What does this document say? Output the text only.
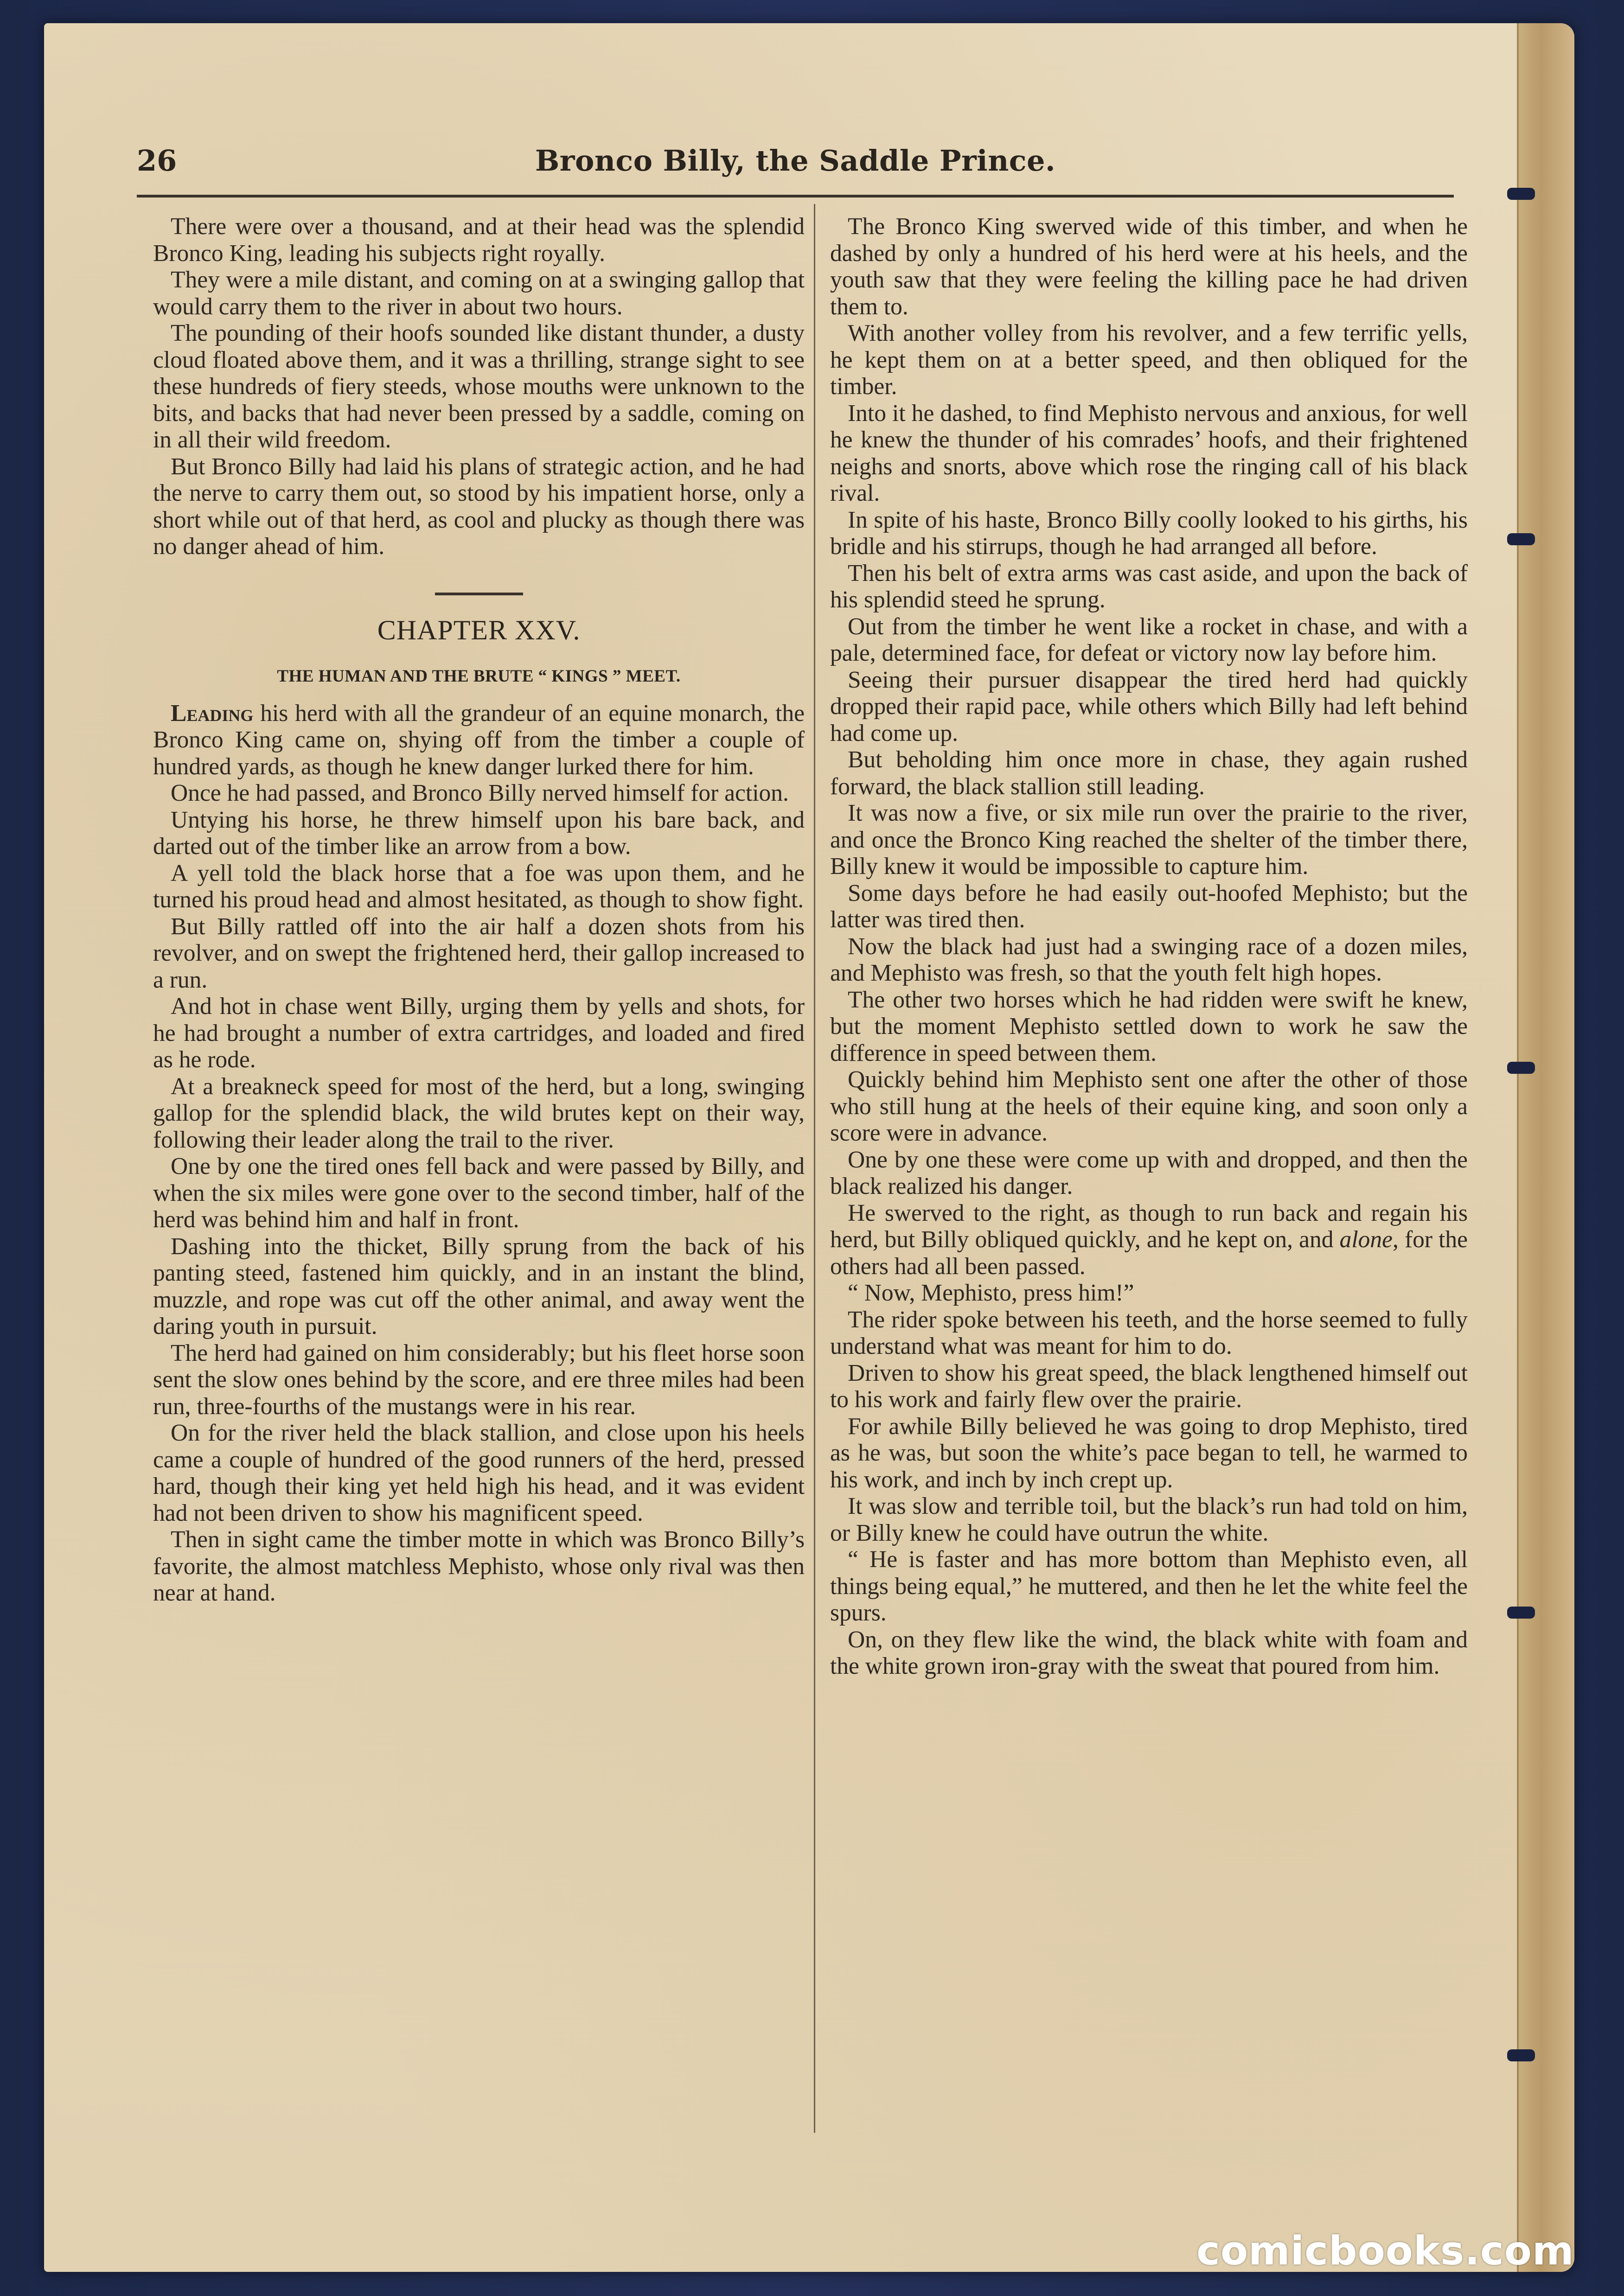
26	Bronco Billy, the Saddle Prince.

There were over a thousand, and at their head was the splendid Bronco King, leading his subjects right royally.

They were a mile distant, and coming on at a swinging gallop that would carry them to the river in about two hours.

The pounding of their hoofs sounded like distant thunder, a dusty cloud floated above them, and it was a thrilling, strange sight to see these hundreds of fiery steeds, whose mouths were unknown to the bits, and backs that had never been pressed by a saddle, coming on in all their wild freedom.

But Bronco Billy had laid his plans of strategic action, and he had the nerve to carry them out, so stood by his impatient horse, only a short while out of that herd, as cool and plucky as though there was no danger ahead of him.

CHAPTER XXV.
THE HUMAN AND THE BRUTE “ KINGS ” MEET.

Leading his herd with all the grandeur of an equine monarch, the Bronco King came on, shying off from the timber a couple of hundred yards, as though he knew danger lurked there for him.

Once he had passed, and Bronco Billy nerved himself for action.

Untying his horse, he threw himself upon his bare back, and darted out of the timber like an arrow from a bow.

A yell told the black horse that a foe was upon them, and he turned his proud head and almost hesitated, as though to show fight.

But Billy rattled off into the air half a dozen shots from his revolver, and on swept the frightened herd, their gallop increased to a run.

And hot in chase went Billy, urging them by yells and shots, for he had brought a number of extra cartridges, and loaded and fired as he rode.

At a breakneck speed for most of the herd, but a long, swinging gallop for the splendid black, the wild brutes kept on their way, following their leader along the trail to the river.

One by one the tired ones fell back and were passed by Billy, and when the six miles were gone over to the second timber, half of the herd was behind him and half in front.

Dashing into the thicket, Billy sprung from the back of his panting steed, fastened him quickly, and in an instant the blind, muzzle, and rope was cut off the other animal, and away went the daring youth in pursuit.

The herd had gained on him considerably; but his fleet horse soon sent the slow ones behind by the score, and ere three miles had been run, three-fourths of the mustangs were in his rear.

On for the river held the black stallion, and close upon his heels came a couple of hundred of the good runners of the herd, pressed hard, though their king yet held high his head, and it was evident had not been driven to show his magnificent speed.

Then in sight came the timber motte in which was Bronco Billy’s favorite, the almost matchless Mephisto, whose only rival was then near at hand.

The Bronco King swerved wide of this timber, and when he dashed by only a hundred of his herd were at his heels, and the youth saw that they were feeling the killing pace he had driven them to.

With another volley from his revolver, and a few terrific yells, he kept them on at a better speed, and then obliqued for the timber.

Into it he dashed, to find Mephisto nervous and anxious, for well he knew the thunder of his comrades’ hoofs, and their frightened neighs and snorts, above which rose the ringing call of his black rival.

In spite of his haste, Bronco Billy coolly looked to his girths, his bridle and his stirrups, though he had arranged all before.

Then his belt of extra arms was cast aside, and upon the back of his splendid steed he sprung.

Out from the timber he went like a rocket in chase, and with a pale, determined face, for defeat or victory now lay before him.

Seeing their pursuer disappear the tired herd had quickly dropped their rapid pace, while others which Billy had left behind had come up.

But beholding him once more in chase, they again rushed forward, the black stallion still leading.

It was now a five, or six mile run over the prairie to the river, and once the Bronco King reached the shelter of the timber there, Billy knew it would be impossible to capture him.

Some days before he had easily out-hoofed Mephisto; but the latter was tired then.

Now the black had just had a swinging race of a dozen miles, and Mephisto was fresh, so that the youth felt high hopes.

The other two horses which he had ridden were swift he knew, but the moment Mephisto settled down to work he saw the difference in speed between them.

Quickly behind him Mephisto sent one after the other of those who still hung at the heels of their equine king, and soon only a score were in advance.

One by one these were come up with and dropped, and then the black realized his danger.

He swerved to the right, as though to run back and regain his herd, but Billy obliqued quickly, and he kept on, and alone, for the others had all been passed.

“ Now, Mephisto, press him!”

The rider spoke between his teeth, and the horse seemed to fully understand what was meant for him to do.

Driven to show his great speed, the black lengthened himself out to his work and fairly flew over the prairie.

For awhile Billy believed he was going to drop Mephisto, tired as he was, but soon the white’s pace began to tell, he warmed to his work, and inch by inch crept up.

It was slow and terrible toil, but the black’s run had told on him, or Billy knew he could have outrun the white.

“ He is faster and has more bottom than Mephisto even, all things being equal,” he muttered, and then he let the white feel the spurs.

On, on they flew like the wind, the black white with foam and the white grown iron-gray with the sweat that poured from him.

comicbooks.com
